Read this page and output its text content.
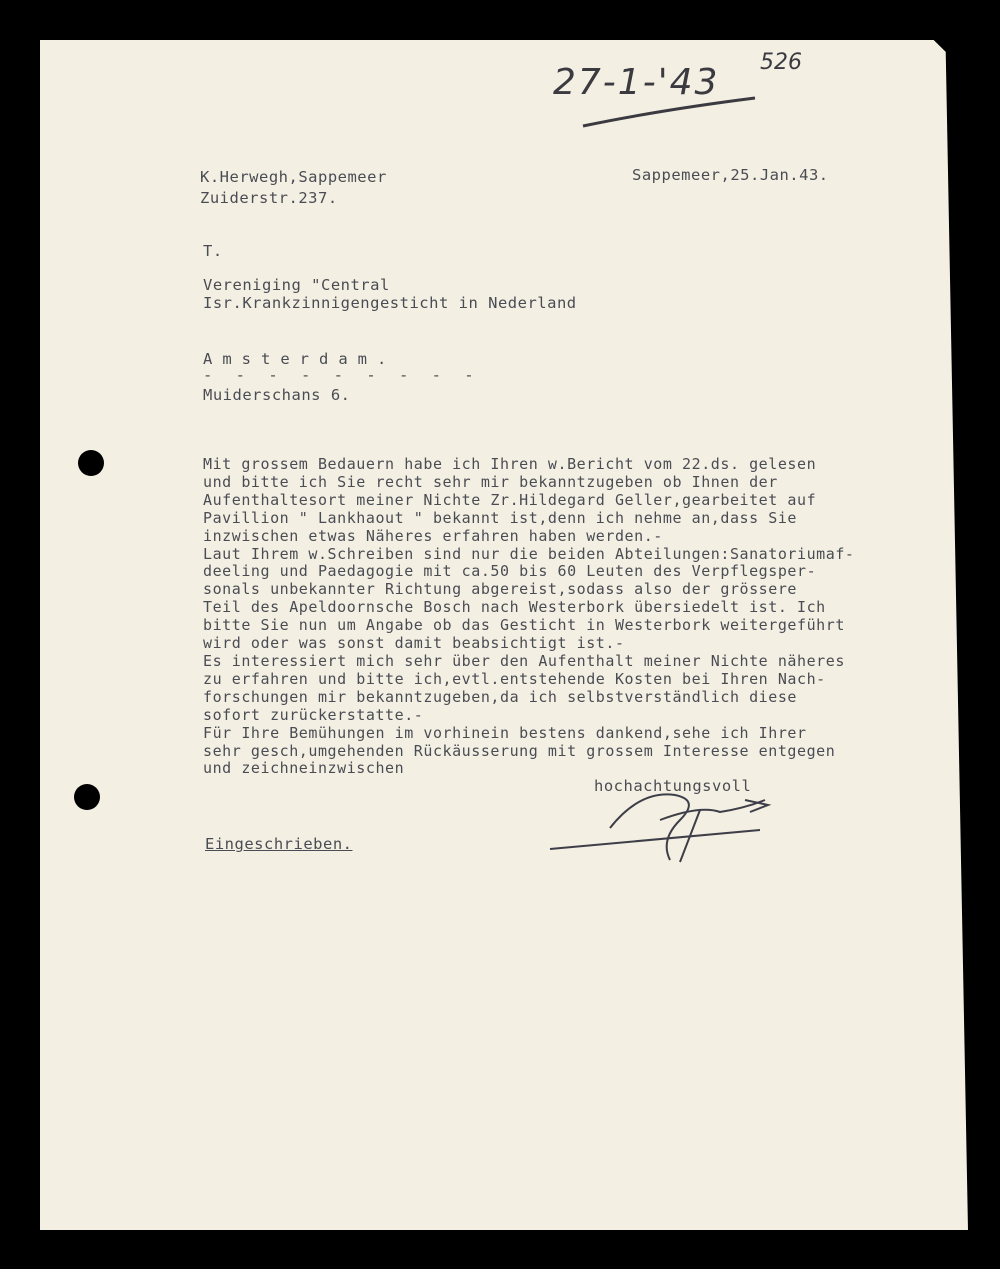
27-1-'43 526
K.Herwegh,Sappemeer
Zuiderstr.237.
Sappemeer,25.Jan.43.
T.
Vereniging "Central
Isr.Krankzinnigengesticht in Nederland
Amsterdam.
- - - - - - - - -
Muiderschans 6.
Mit grossem Bedauern habe ich Ihren w.Bericht vom 22.ds. gelesen
und bitte ich Sie recht sehr mir bekanntzugeben ob Ihnen der
Aufenthaltesort meiner Nichte Zr.Hildegard Geller,gearbeitet auf
Pavillion " Lankhaout " bekannt ist,denn ich nehme an,dass Sie
inzwischen etwas Näheres erfahren haben werden.-
Laut Ihrem w.Schreiben sind nur die beiden Abteilungen:Sanatoriumaf-
deeling und Paedagogie mit ca.50 bis 60 Leuten des Verpflegsper-
sonals unbekannter Richtung abgereist,sodass also der grössere
Teil des Apeldoornsche Bosch nach Westerbork übersiedelt ist. Ich
bitte Sie nun um Angabe ob das Gesticht in Westerbork weitergeführt
wird oder was sonst damit beabsichtigt ist.-
Es interessiert mich sehr über den Aufenthalt meiner Nichte näheres
zu erfahren und bitte ich,evtl.entstehende Kosten bei Ihren Nach-
forschungen mir bekanntzugeben,da ich selbstverständlich diese
sofort zurückerstatte.-
Für Ihre Bemühungen im vorhinein bestens dankend,sehe ich Ihrer
sehr gesch,umgehenden Rückäusserung mit grossem Interesse entgegen
und zeichneinzwischen
hochachtungsvoll
Eingeschrieben.
